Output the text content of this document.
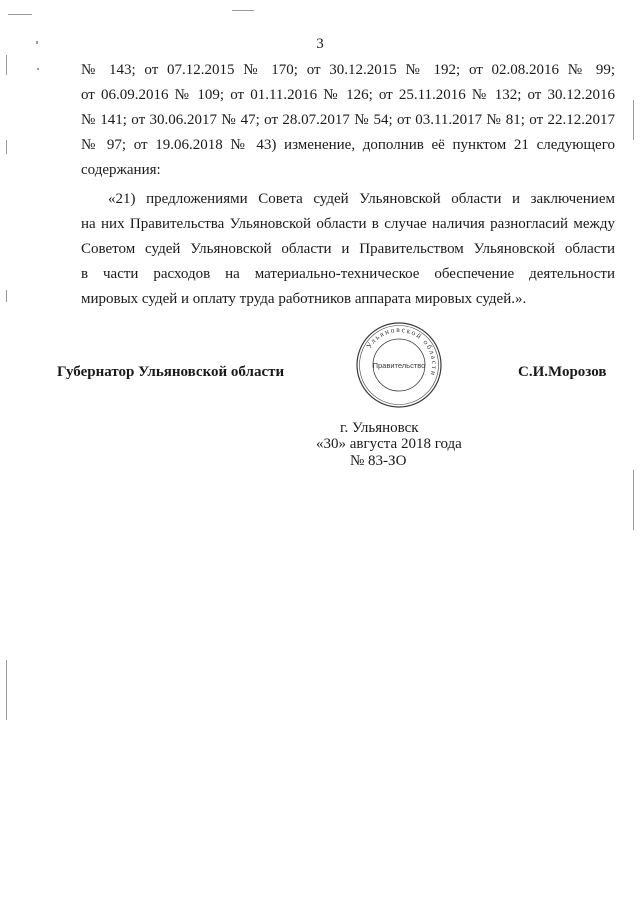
3
№ 143; от 07.12.2015 № 170; от 30.12.2015 № 192; от 02.08.2016 № 99;
от 06.09.2016 № 109; от 01.11.2016 № 126; от 25.11.2016 № 132; от 30.12.2016
№ 141; от 30.06.2017 № 47; от 28.07.2017 № 54; от 03.11.2017 № 81; от 22.12.2017
№ 97; от 19.06.2018 № 43) изменение, дополнив её пунктом 21 следующего
содержания:
«21) предложениями Совета судей Ульяновской области и заключением
на них Правительства Ульяновской области в случае наличия разногласий между
Советом судей Ульяновской области и Правительством Ульяновской области
в части расходов на материально-техническое обеспечение деятельности
мировых судей и оплату труда работников аппарата мировых судей.».
Ульяновской области
Правительство
Губернатор Ульяновской области	С.И.Морозов
г. Ульяновск
«30» августа 2018 года
№ 83-ЗО
